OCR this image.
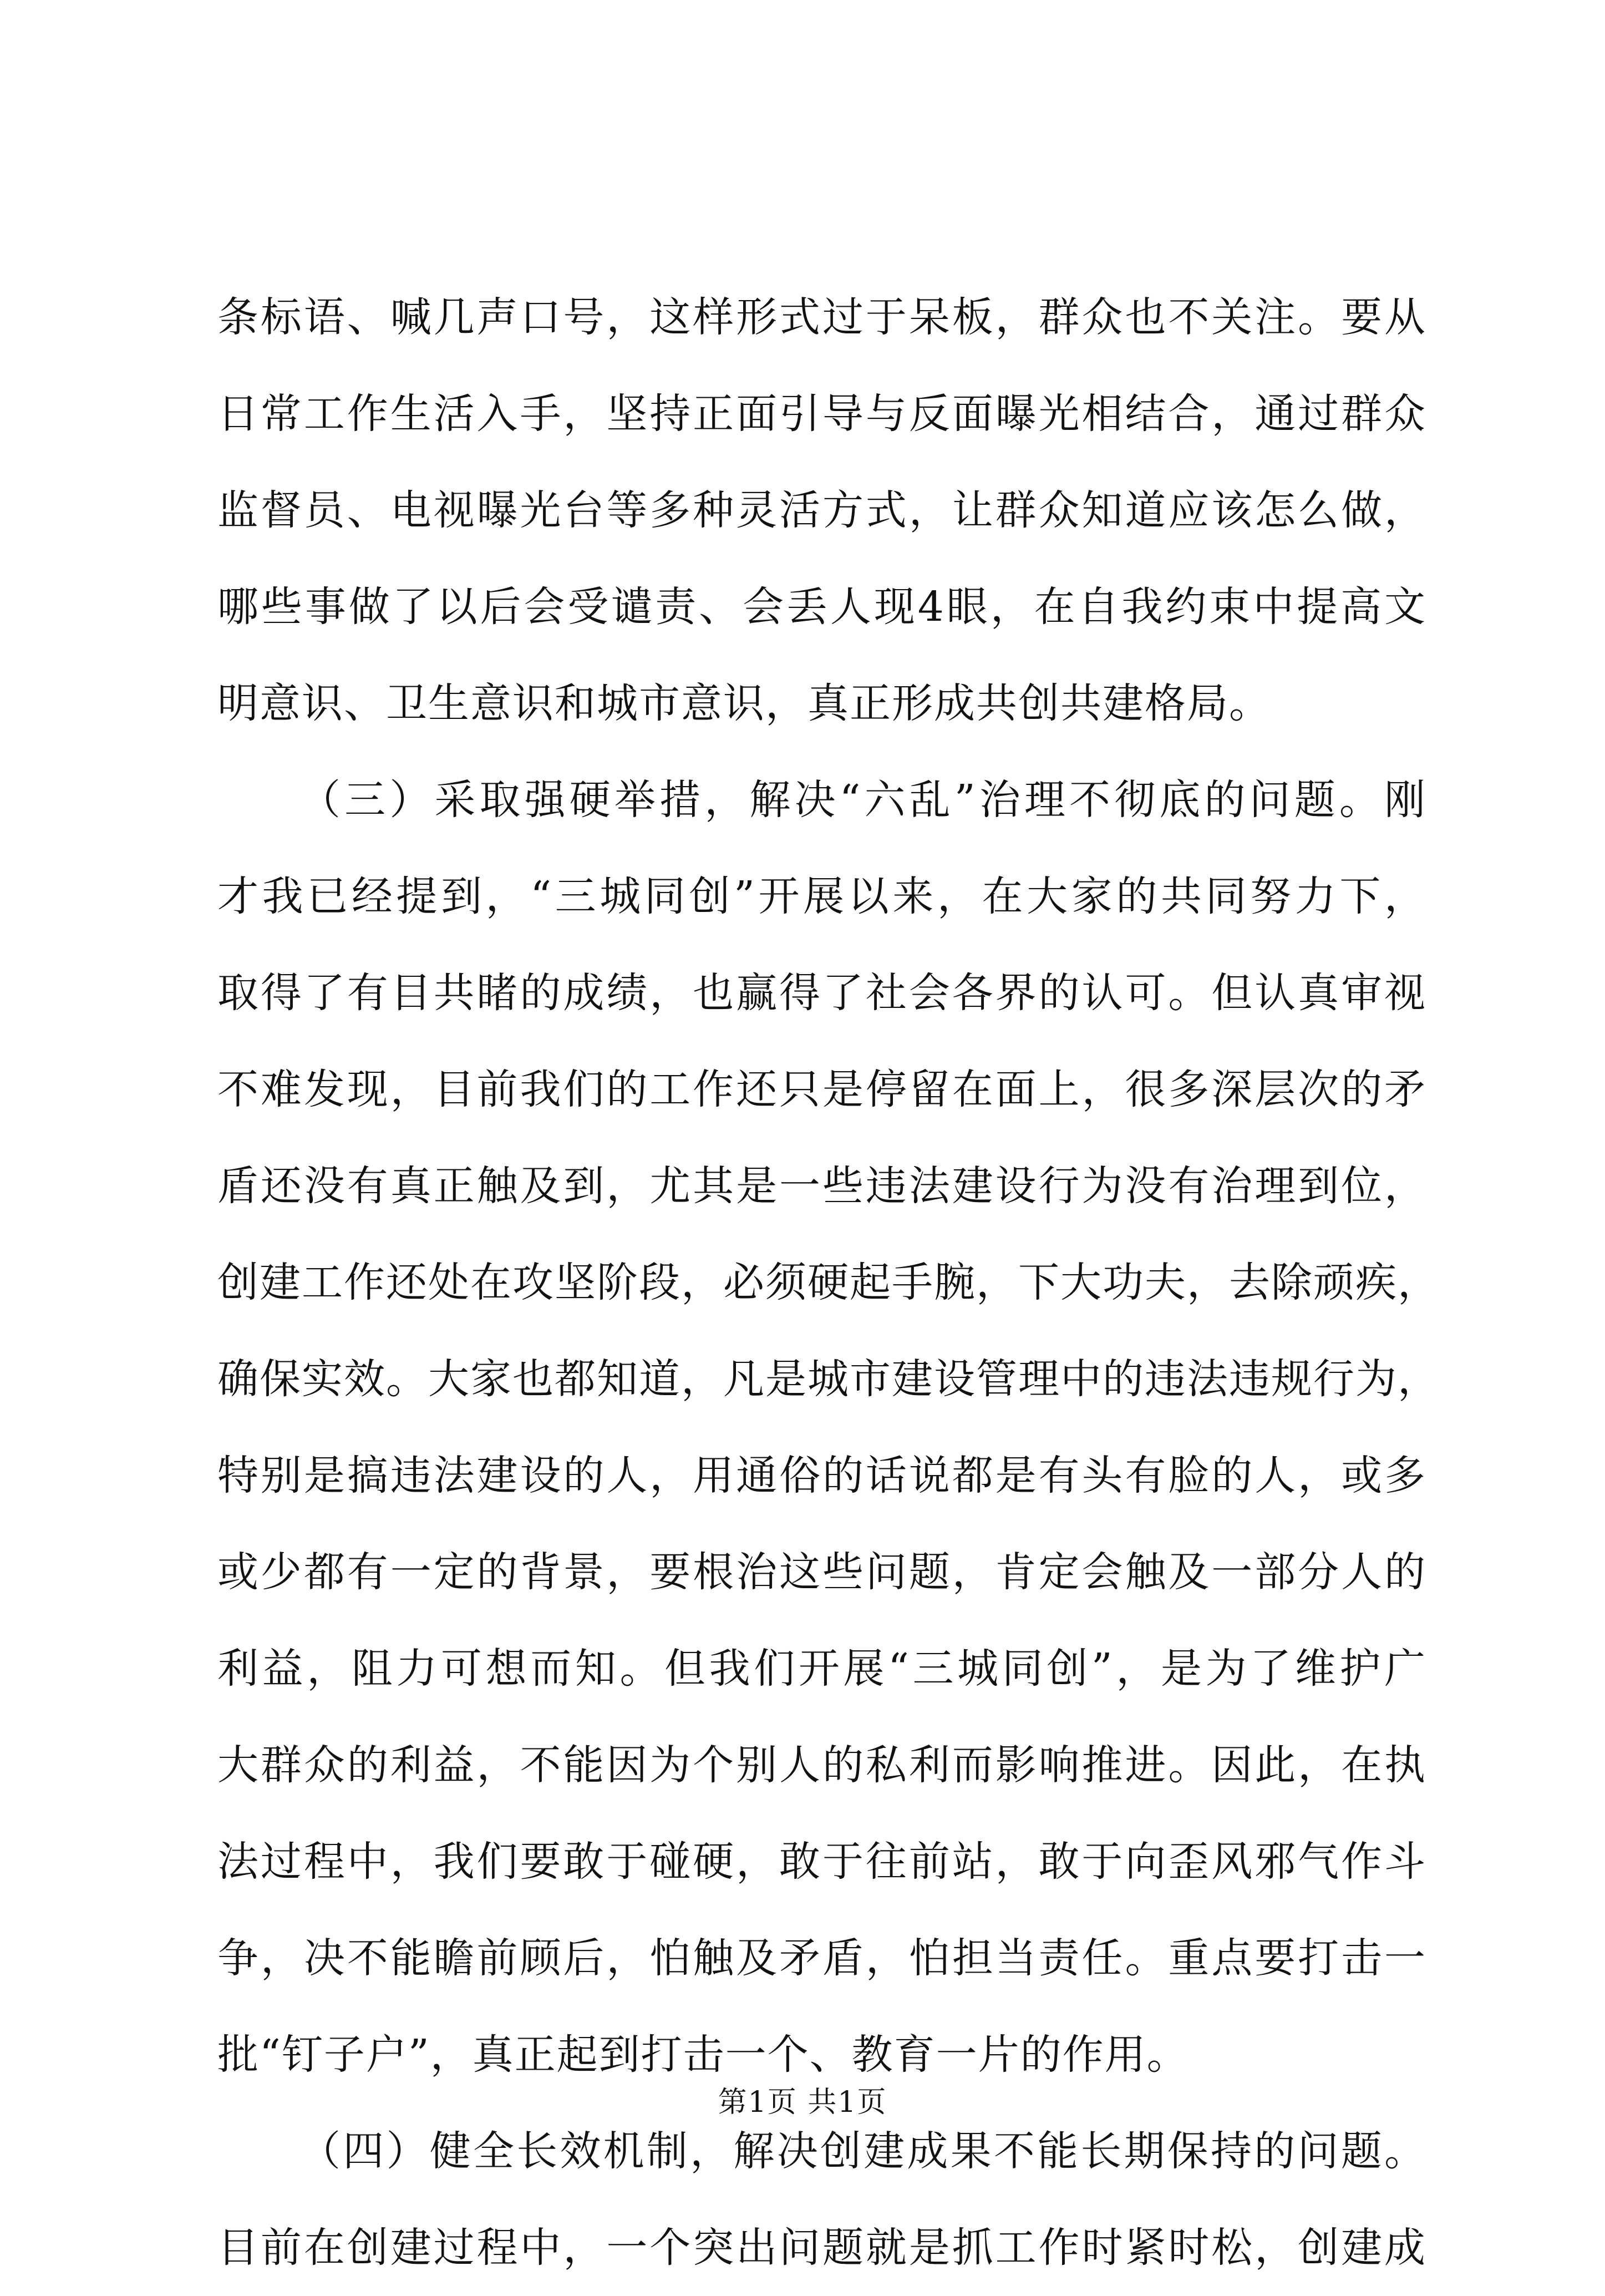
条标语、喊几声口号，这样形式过于呆板，群众也不关注。要从
日常工作生活入手，坚持正面引导与反面曝光相结合，通过群众
监督员、电视曝光台等多种灵活方式，让群众知道应该怎么做，
哪些事做了以后会受谴责、会丢人现4眼，在自我约束中提高文
明意识、卫生意识和城市意识，真正形成共创共建格局。
（三）采取强硬举措，解决“六乱”治理不彻底的问题。刚
才我已经提到，“三城同创”开展以来，在大家的共同努力下，
取得了有目共睹的成绩，也赢得了社会各界的认可。但认真审视
不难发现，目前我们的工作还只是停留在面上，很多深层次的矛
盾还没有真正触及到，尤其是一些违法建设行为没有治理到位，
创建工作还处在攻坚阶段，必须硬起手腕，下大功夫，去除顽疾，
确保实效。大家也都知道，凡是城市建设管理中的违法违规行为，
特别是搞违法建设的人，用通俗的话说都是有头有脸的人，或多
或少都有一定的背景，要根治这些问题，肯定会触及一部分人的
利益，阻力可想而知。但我们开展“三城同创”，是为了维护广
大群众的利益，不能因为个别人的私利而影响推进。因此，在执
法过程中，我们要敢于碰硬，敢于往前站，敢于向歪风邪气作斗
争，决不能瞻前顾后，怕触及矛盾，怕担当责任。重点要打击一
批“钉子户”，真正起到打击一个、教育一片的作用。
（四）健全长效机制，解决创建成果不能长期保持的问题。
目前在创建过程中，一个突出问题就是抓工作时紧时松，创建成
第1页 共1页
